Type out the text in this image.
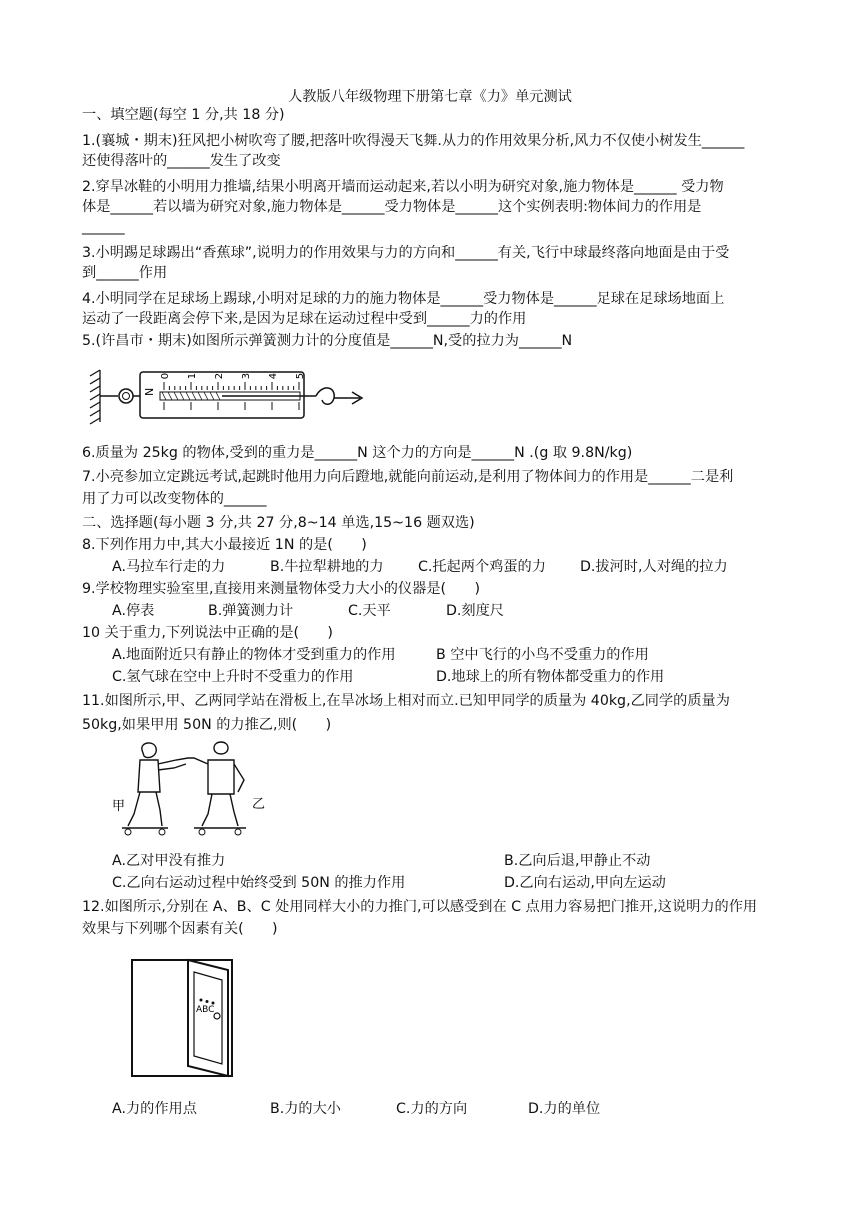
人教版八年级物理下册第七章《力》单元测试
一、填空题(每空 1 分,共 18 分)
1.(襄城・期末)狂风把小树吹弯了腰,把落叶吹得漫天飞舞.从力的作用效果分析,风力不仅使小树发生______
还使得落叶的______发生了改变
2.穿旱冰鞋的小明用力推墙,结果小明离开墙而运动起来,若以小明为研究对象,施力物体是______ 受力物
体是______若以墙为研究对象,施力物体是______受力物体是______这个实例表明:物体间力的作用是
______
3.小明踢足球踢出“香蕉球”,说明力的作用效果与力的方向和______有关,飞行中球最终落向地面是由于受
到______作用
4.小明同学在足球场上踢球,小明对足球的力的施力物体是______受力物体是______足球在足球场地面上
运动了一段距离会停下来,是因为足球在运动过程中受到______力的作用
5.(许昌市・期末)如图所示弹簧测力计的分度值是______N,受的拉力为______N
N
0 1 2 3 4 5
6.质量为 25kg 的物体,受到的重力是______N 这个力的方向是______N .(g 取 9.8N/kg)
7.小亮参加立定跳远考试,起跳时他用力向后蹬地,就能向前运动,是利用了物体间力的作用是______二是利
用了力可以改变物体的______
二、选择题(每小题 3 分,共 27 分,8~14 单选,15~16 题双选)
8.下列作用力中,其大小最接近 1N 的是(　　)
A.马拉车行走的力	B.牛拉犁耕地的力 C.托起两个鸡蛋的力 D.拔河时,人对绳的拉力
9.学校物理实验室里,直接用来测量物体受力大小的仪器是(　　)
A.停表	B.弹簧测力计	C.天平	D.刻度尺
10 关于重力,下列说法中正确的是(　　)
A.地面附近只有静止的物体才受到重力的作用	B 空中飞行的小鸟不受重力的作用
C.氢气球在空中上升时不受重力的作用	D.地球上的所有物体都受重力的作用
11.如图所示,甲、乙两同学站在滑板上,在旱冰场上相对而立.已知甲同学的质量为 40kg,乙同学的质量为
50kg,如果甲用 50N 的力推乙,则(　　)
甲	乙
A.乙对甲没有推力	B.乙向后退,甲静止不动
C.乙向右运动过程中始终受到 50N 的推力作用	D.乙向右运动,甲向左运动
12.如图所示,分别在 A、B、C 处用同样大小的力推门,可以感受到在 C 点用力容易把门推开,这说明力的作用
效果与下列哪个因素有关(　　)
ABC
A.力的作用点	B.力的大小	C.力的方向	D.力的单位
